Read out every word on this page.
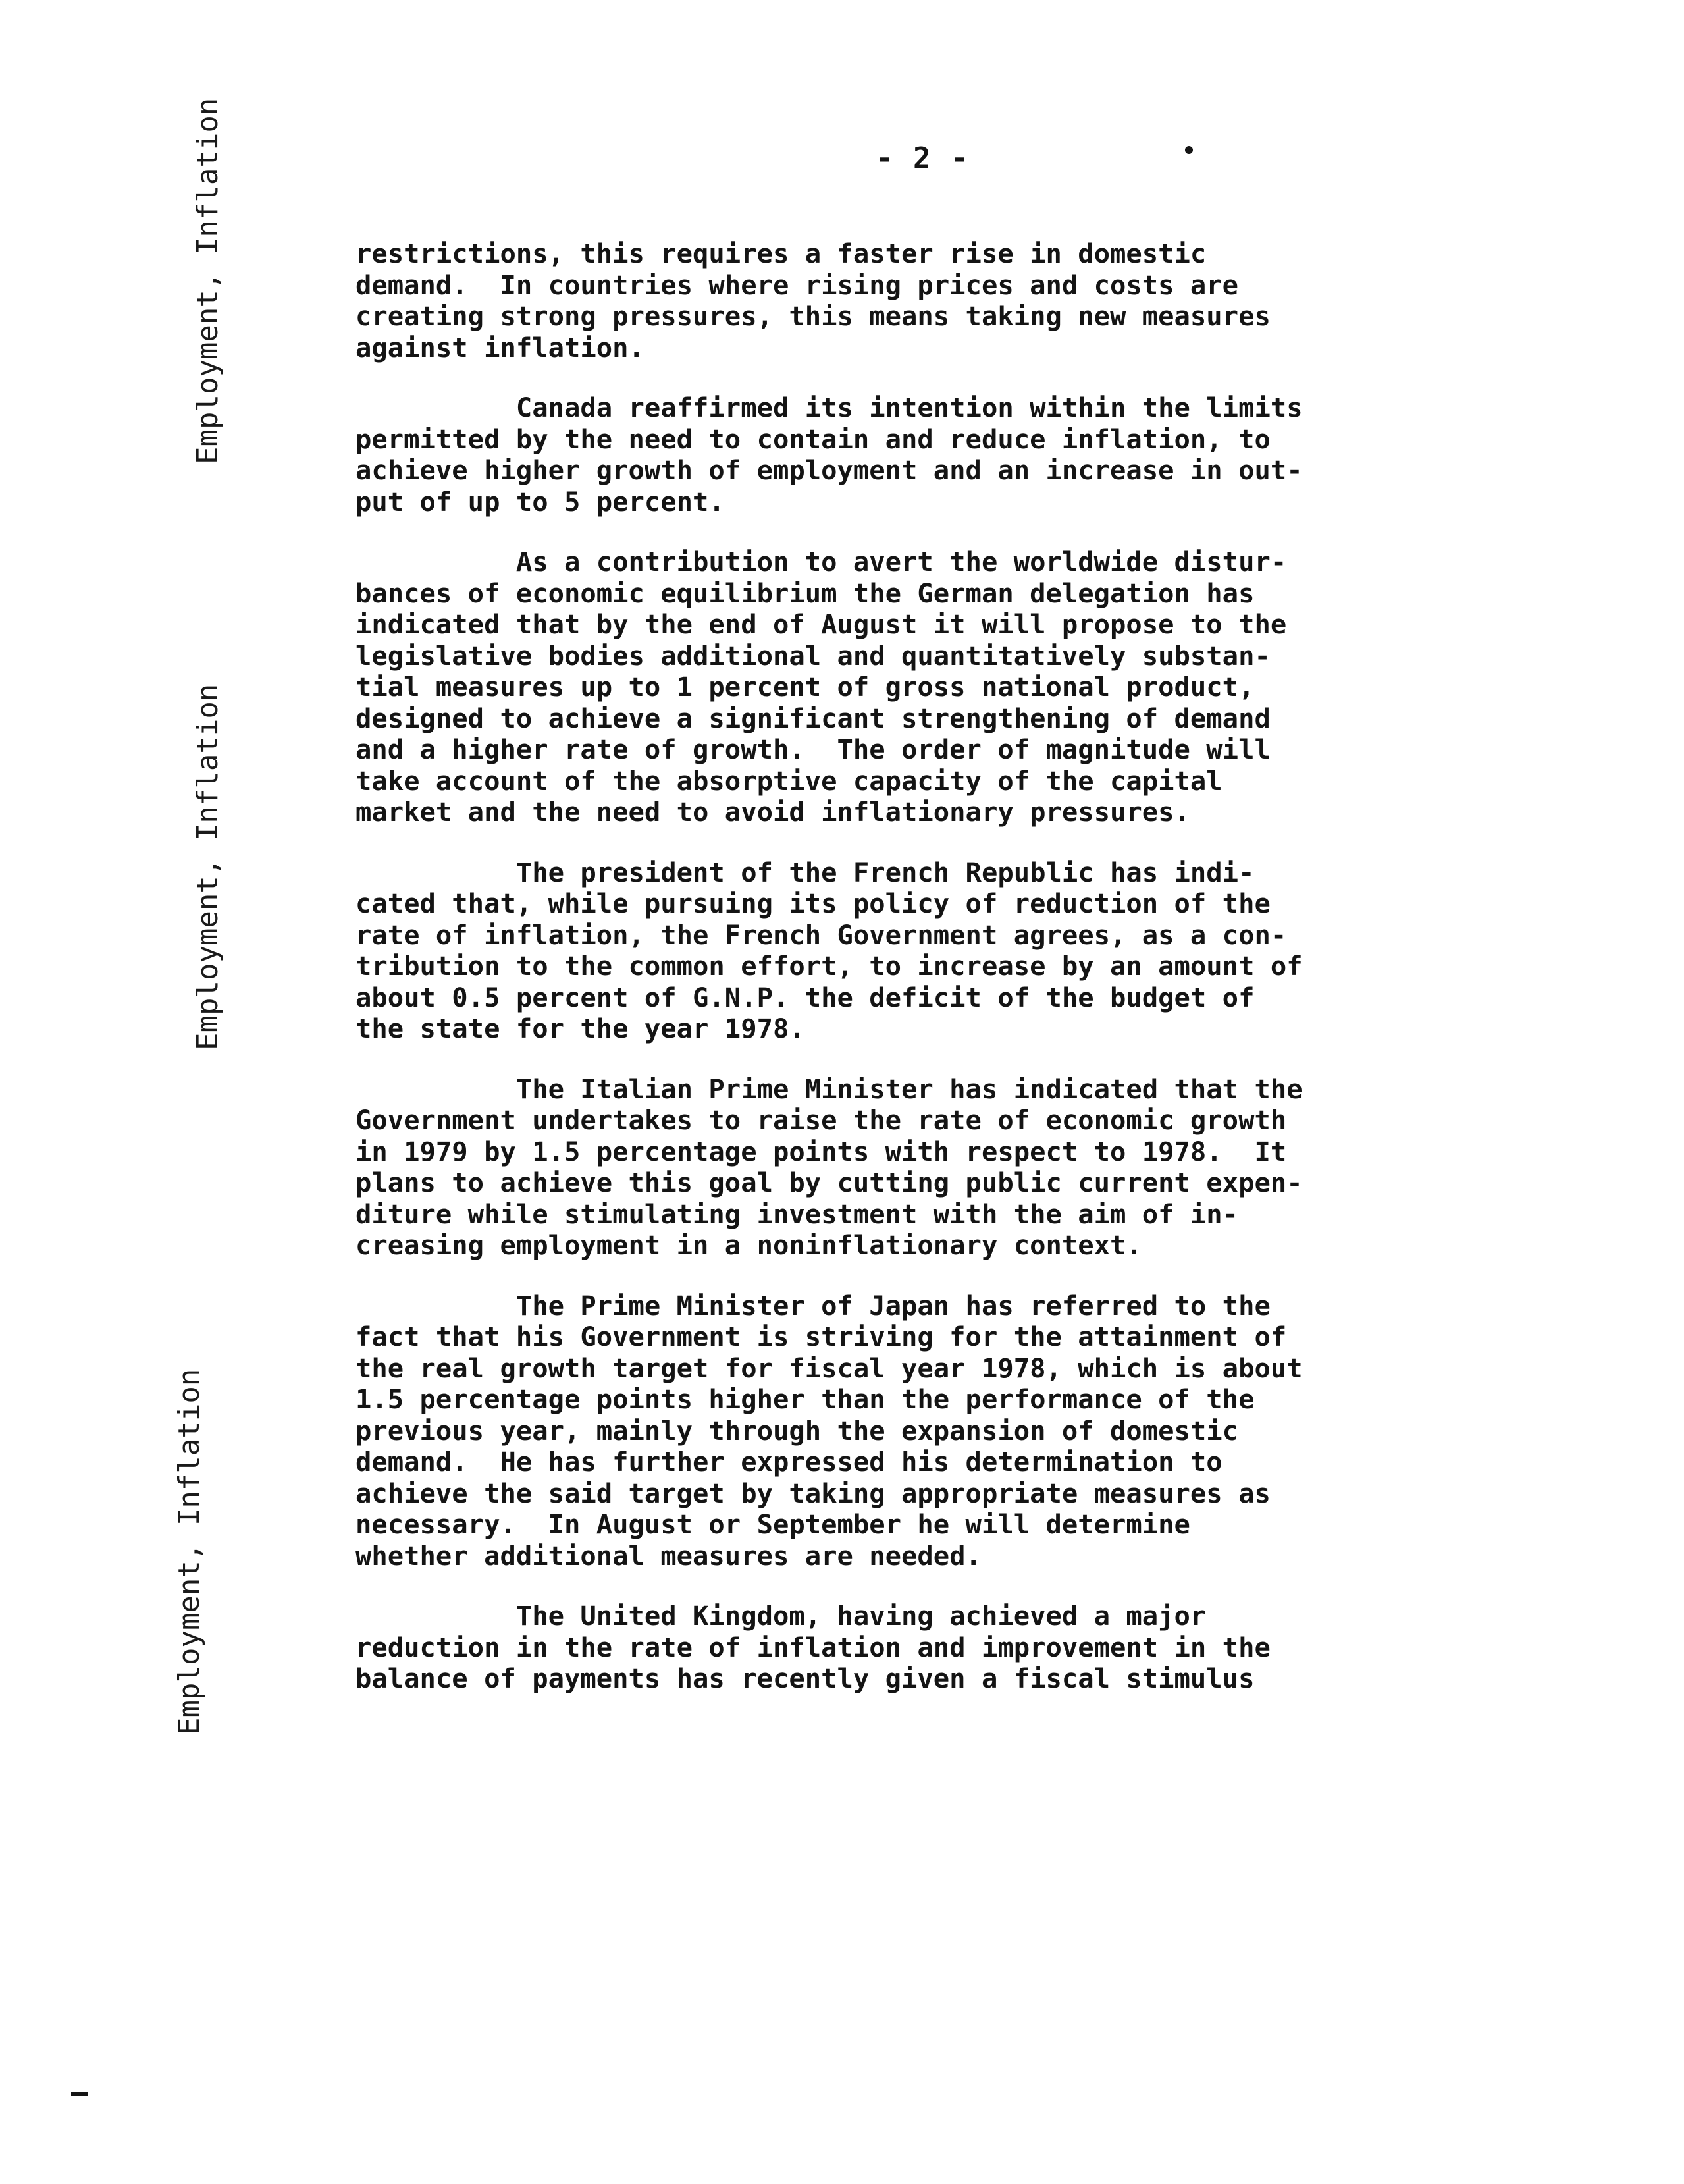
- 2 -
Employment, Inflation
Employment, Inflation
Employment, Inflation

restrictions, this requires a faster rise in domestic
demand.  In countries where rising prices and costs are
creating strong pressures, this means taking new measures
against inflation.

Canada reaffirmed its intention within the limits
permitted by the need to contain and reduce inflation, to
achieve higher growth of employment and an increase in out-
put of up to 5 percent.

As a contribution to avert the worldwide distur-
bances of economic equilibrium the German delegation has
indicated that by the end of August it will propose to the
legislative bodies additional and quantitatively substan-
tial measures up to 1 percent of gross national product,
designed to achieve a significant strengthening of demand
and a higher rate of growth.  The order of magnitude will
take account of the absorptive capacity of the capital
market and the need to avoid inflationary pressures.

The president of the French Republic has indi-
cated that, while pursuing its policy of reduction of the
rate of inflation, the French Government agrees, as a con-
tribution to the common effort, to increase by an amount of
about 0.5 percent of G.N.P. the deficit of the budget of
the state for the year 1978.

The Italian Prime Minister has indicated that the
Government undertakes to raise the rate of economic growth
in 1979 by 1.5 percentage points with respect to 1978.  It
plans to achieve this goal by cutting public current expen-
diture while stimulating investment with the aim of in-
creasing employment in a noninflationary context.

The Prime Minister of Japan has referred to the
fact that his Government is striving for the attainment of
the real growth target for fiscal year 1978, which is about
1.5 percentage points higher than the performance of the
previous year, mainly through the expansion of domestic
demand.  He has further expressed his determination to
achieve the said target by taking appropriate measures as
necessary.  In August or September he will determine
whether additional measures are needed.

The United Kingdom, having achieved a major
reduction in the rate of inflation and improvement in the
balance of payments has recently given a fiscal stimulus
